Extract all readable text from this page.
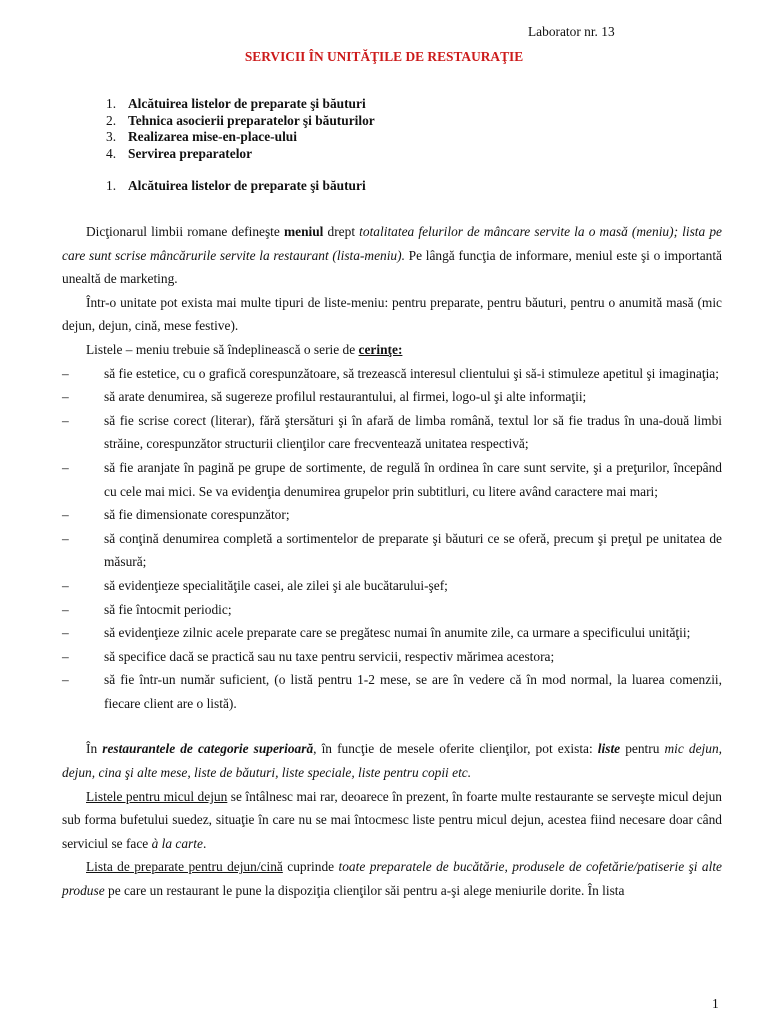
Laborator nr. 13
SERVICII ÎN UNITĂŢILE DE RESTAURAŢIE
1. Alcătuirea listelor de preparate şi băuturi
2. Tehnica asocierii preparatelor şi băuturilor
3. Realizarea mise-en-place-ului
4. Servirea preparatelor
1. Alcătuirea listelor de preparate şi băuturi

Dicţionarul limbii romane defineşte meniul drept totalitatea felurilor de mâncare servite la o masă (meniu); lista pe care sunt scrise mâncărurile servite la restaurant (lista-meniu). Pe lângă funcţia de informare, meniul este şi o importantă unealtă de marketing.

Într-o unitate pot exista mai multe tipuri de liste-meniu: pentru preparate, pentru băuturi, pentru o anumită masă (mic dejun, dejun, cină, mese festive).

Listele – meniu trebuie să îndeplinească o serie de cerinţe:

–	să fie estetice, cu o grafică corespunzătoare, să trezească interesul clientului şi să-i stimuleze apetitul şi imaginaţia;
–	să arate denumirea, să sugereze profilul restaurantului, al firmei, logo-ul şi alte informaţii;
–	să fie scrise corect (literar), fără ştersături şi în afară de limba română, textul lor să fie tradus în una-două limbi străine, corespunzător structurii clienţilor care frecventează unitatea respectivă;
–	să fie aranjate în pagină pe grupe de sortimente, de regulă în ordinea în care sunt servite, şi a preţurilor, începând cu cele mai mici. Se va evidenţia denumirea grupelor prin subtitluri, cu litere având caractere mai mari;
–	să fie dimensionate corespunzător;
–	să conţină denumirea completă a sortimentelor de preparate şi băuturi ce se oferă, precum şi preţul pe unitatea de măsură;
–	să evidenţieze specialităţile casei, ale zilei şi ale bucătarului-şef;
–	să fie întocmit periodic;
–	să evidenţieze zilnic acele preparate care se pregătesc numai în anumite zile, ca urmare a specificului unităţii;
–	să specifice dacă se practică sau nu taxe pentru servicii, respectiv mărimea acestora;
–	să fie într-un număr suficient, (o listă pentru 1-2 mese, se are în vedere că în mod normal, la luarea comenzii, fiecare client are o listă).

În restaurantele de categorie superioară, în funcţie de mesele oferite clienţilor, pot exista: liste pentru mic dejun, dejun, cina şi alte mese, liste de băuturi, liste speciale, liste pentru copii etc.

Listele pentru micul dejun se întâlnesc mai rar, deoarece în prezent, în foarte multe restaurante se serveşte micul dejun sub forma bufetului suedez, situaţie în care nu se mai întocmesc liste pentru micul dejun, acestea fiind necesare doar când serviciul se face à la carte.

Lista de preparate pentru dejun/cină cuprinde toate preparatele de bucătărie, produsele de cofetărie/patiserie şi alte produse pe care un restaurant le pune la dispoziţia clienţilor săi pentru a-şi alege meniurile dorite. În lista

1
